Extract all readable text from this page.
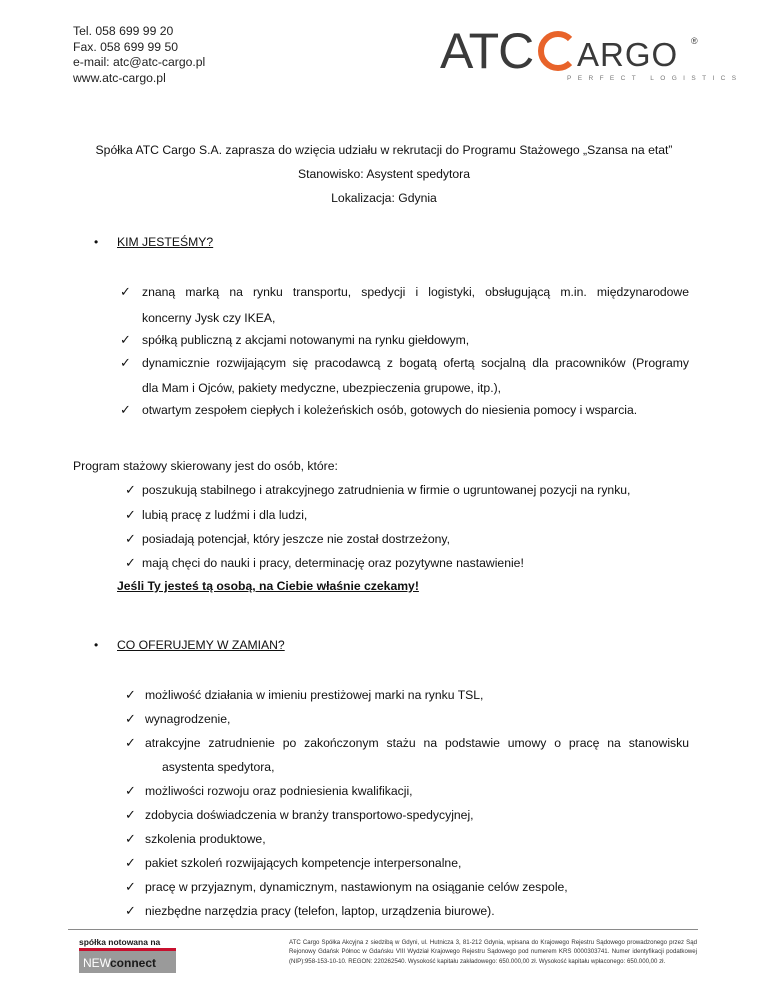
Tel. 058 699 99 20
Fax. 058 699 99 50
e-mail: atc@atc-cargo.pl
www.atc-cargo.pl	ATC ARGO ®
PERFECT LOGISTICS
Spółka ATC Cargo S.A. zaprasza do wzięcia udziału w rekrutacji do Programu Stażowego „Szansa na etat”
Stanowisko: Asystent spedytora
Lokalizacja: Gdynia
• KIM JESTEŚMY?
✓ znaną marką na rynku transportu, spedycji i logistyki, obsługującą m.in. międzynarodowe
koncerny Jysk czy IKEA,
✓ spółką publiczną z akcjami notowanymi na rynku giełdowym,
✓ dynamicznie rozwijającym się pracodawcą z bogatą ofertą socjalną dla pracowników (Programy
dla Mam i Ojców, pakiety medyczne, ubezpieczenia grupowe, itp.),
✓ otwartym zespołem ciepłych i koleżeńskich osób, gotowych do niesienia pomocy i wsparcia.
Program stażowy skierowany jest do osób, które:
✓ poszukują stabilnego i atrakcyjnego zatrudnienia w firmie o ugruntowanej pozycji na rynku,
✓ lubią pracę z ludźmi i dla ludzi,
✓ posiadają potencjał, który jeszcze nie został dostrzeżony,
✓ mają chęci do nauki i pracy, determinację oraz pozytywne nastawienie!
Jeśli Ty jesteś tą osobą, na Ciebie właśnie czekamy!
• CO OFERUJEMY W ZAMIAN?
✓ możliwość działania w imieniu prestiżowej marki na rynku TSL,
✓ wynagrodzenie,
✓ atrakcyjne zatrudnienie po zakończonym stażu na podstawie umowy o pracę na stanowisku
asystenta spedytora,
✓ możliwości rozwoju oraz podniesienia kwalifikacji,
✓ zdobycia doświadczenia w branży transportowo-spedycyjnej,
✓ szkolenia produktowe,
✓ pakiet szkoleń rozwijających kompetencje interpersonalne,
✓ pracę w przyjaznym, dynamicznym, nastawionym na osiąganie celów zespole,
✓ niezbędne narzędzia pracy (telefon, laptop, urządzenia biurowe).
spółka notowana na
NEW connect
ATC Cargo Spółka Akcyjna z siedzibą w Gdyni, ul. Hutnicza 3, 81-212 Gdynia, wpisana do Krajowego Rejestru Sądowego prowadzonego przez Sąd Rejonowy Gdańsk Północ w Gdańsku VIII Wydział Krajowego Rejestru Sądowego pod numerem KRS 0000303741. Numer identyfikacji podatkowej (NIP):958-153-10-10. REGON: 220262540. Wysokość kapitału zakładowego: 650.000,00 zł. Wysokość kapitału wpłaconego: 650.000,00 zł.
